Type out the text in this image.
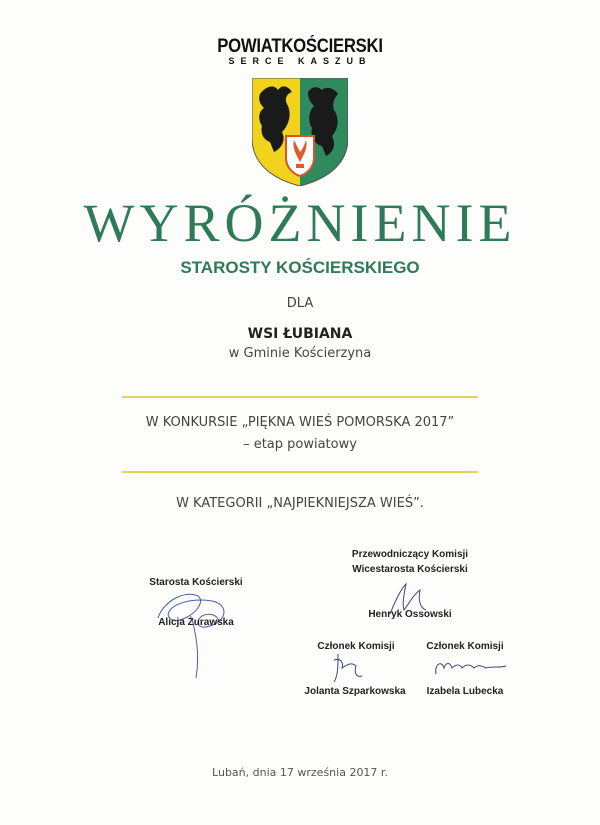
POWIATKOŚCIERSKI
SERCE KASZUB
WYRÓŻNIENIE
STAROSTY KOŚCIERSKIEGO
DLA
WSI ŁUBIANA
w Gminie Kościerzyna
W KONKURSIE „PIĘKNA WIEŚ POMORSKA 2017”
– etap powiatowy
W KATEGORII „NAJPIEKNIEJSZA WIEŚ”.
Przewodniczący Komisji
Wicestarosta Kościerski
Henryk Ossowski
Starosta Kościerski
Alicja Żurawska
Członek Komisji
Jolanta Szparkowska
Członek Komisji
Izabela Lubecka
Lubań, dnia 17 września 2017 r.
